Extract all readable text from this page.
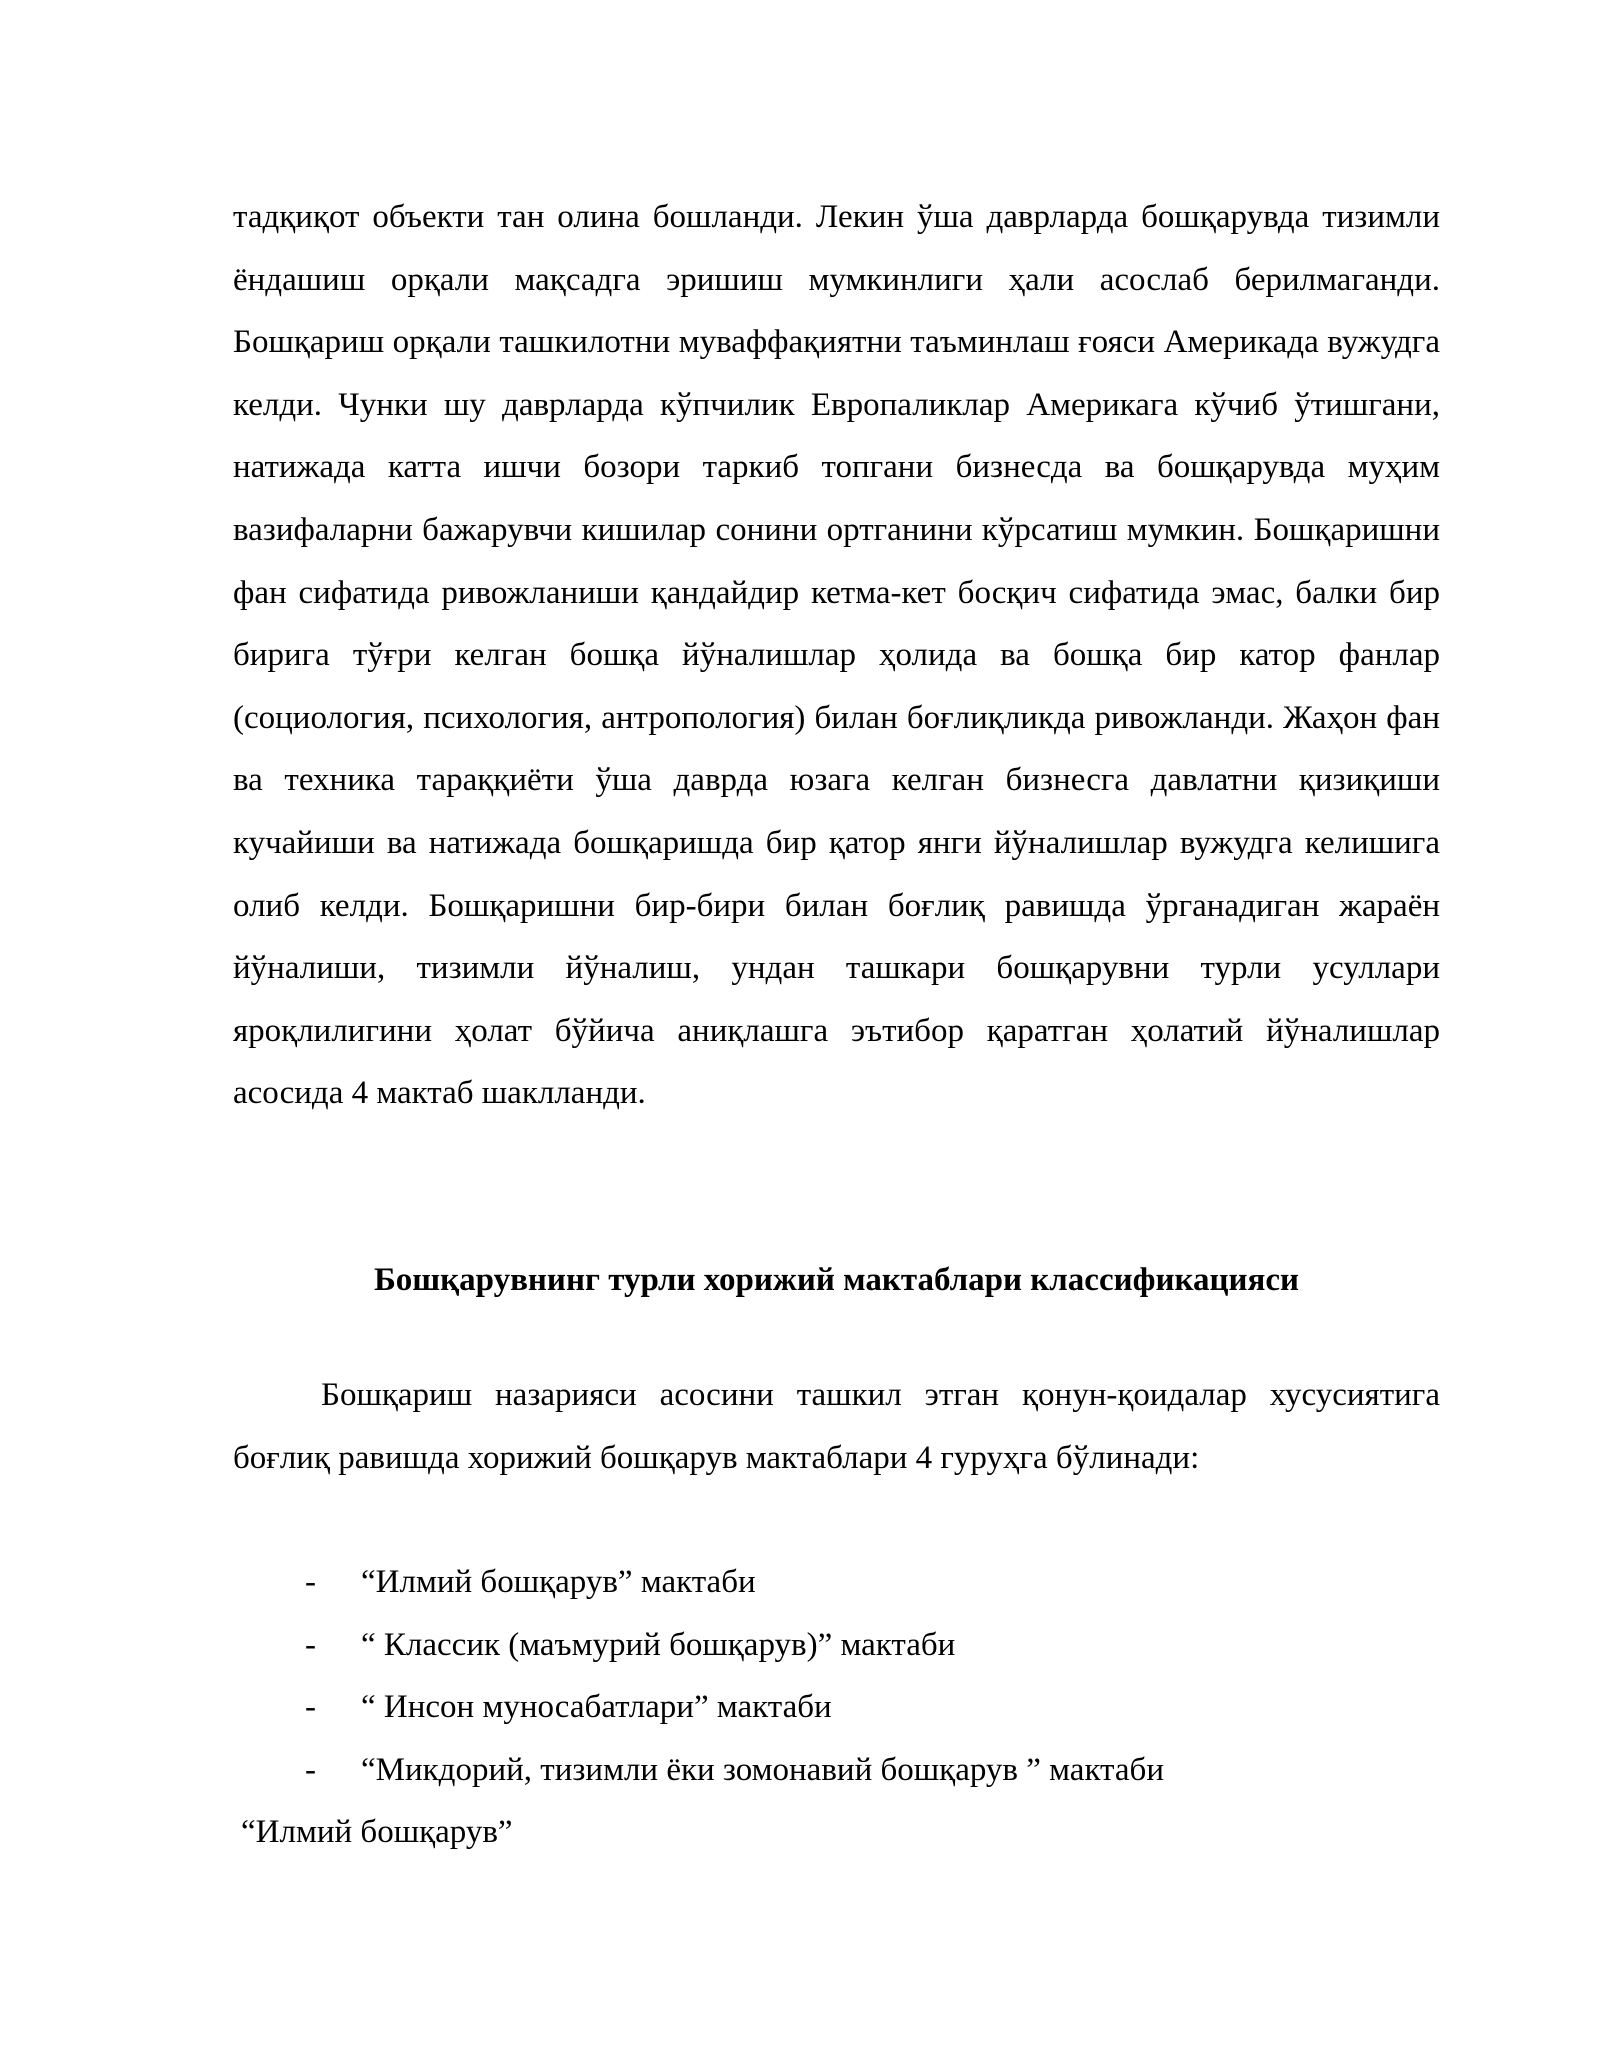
тадқиқот объекти тан олина бошланди. Лекин ўша даврларда бошқарувда тизимли ёндашиш орқали мақсадга эришиш мумкинлиги ҳали асослаб берилмаганди. Бошқариш орқали ташкилотни муваффақиятни таъминлаш ғояси Америкада вужудга келди. Чунки шу даврларда кўпчилик Европаликлар Америкага кўчиб ўтишгани, натижада катта ишчи бозори таркиб топгани бизнесда ва бошқарувда муҳим вазифаларни бажарувчи кишилар сонини ортганини кўрсатиш мумкин. Бошқаришни фан сифатида ривожланиши қандайдир кетма-кет босқич сифатида эмас, балки бир бирига тўғри келган бошқа йўналишлар ҳолида ва бошқа бир катор фанлар (социология, психология, антропология) билан боғлиқликда ривожланди. Жаҳон фан ва техника тараққиёти ўша даврда юзага келган бизнесга давлатни қизиқиши кучайиши ва натижада бошқаришда бир қатор янги йўналишлар вужудга келишига олиб келди. Бошқаришни бир-бири билан боғлиқ равишда ўрганадиган жараён йўналиши, тизимли йўналиш, ундан ташкари бошқарувни турли усуллари яроқлилигини ҳолат бўйича аниқлашга эътибор қаратган ҳолатий йўналишлар асосида 4 мактаб шаклланди.

Бошқарувнинг турли хорижий мактаблари классификацияси

Бошқариш назарияси асосини ташкил этган қонун-қоидалар хусусиятига боғлиқ равишда хорижий бошқарув мактаблари 4 гуруҳга бўлинади:

- “Илмий бошқарув” мактаби
- “ Классик (маъмурий бошқарув)” мактаби
- “ Инсон муносабатлари” мактаби
- “Микдорий, тизимли ёки зомонавий бошқарув ” мактаби

“Илмий бошқарув”
